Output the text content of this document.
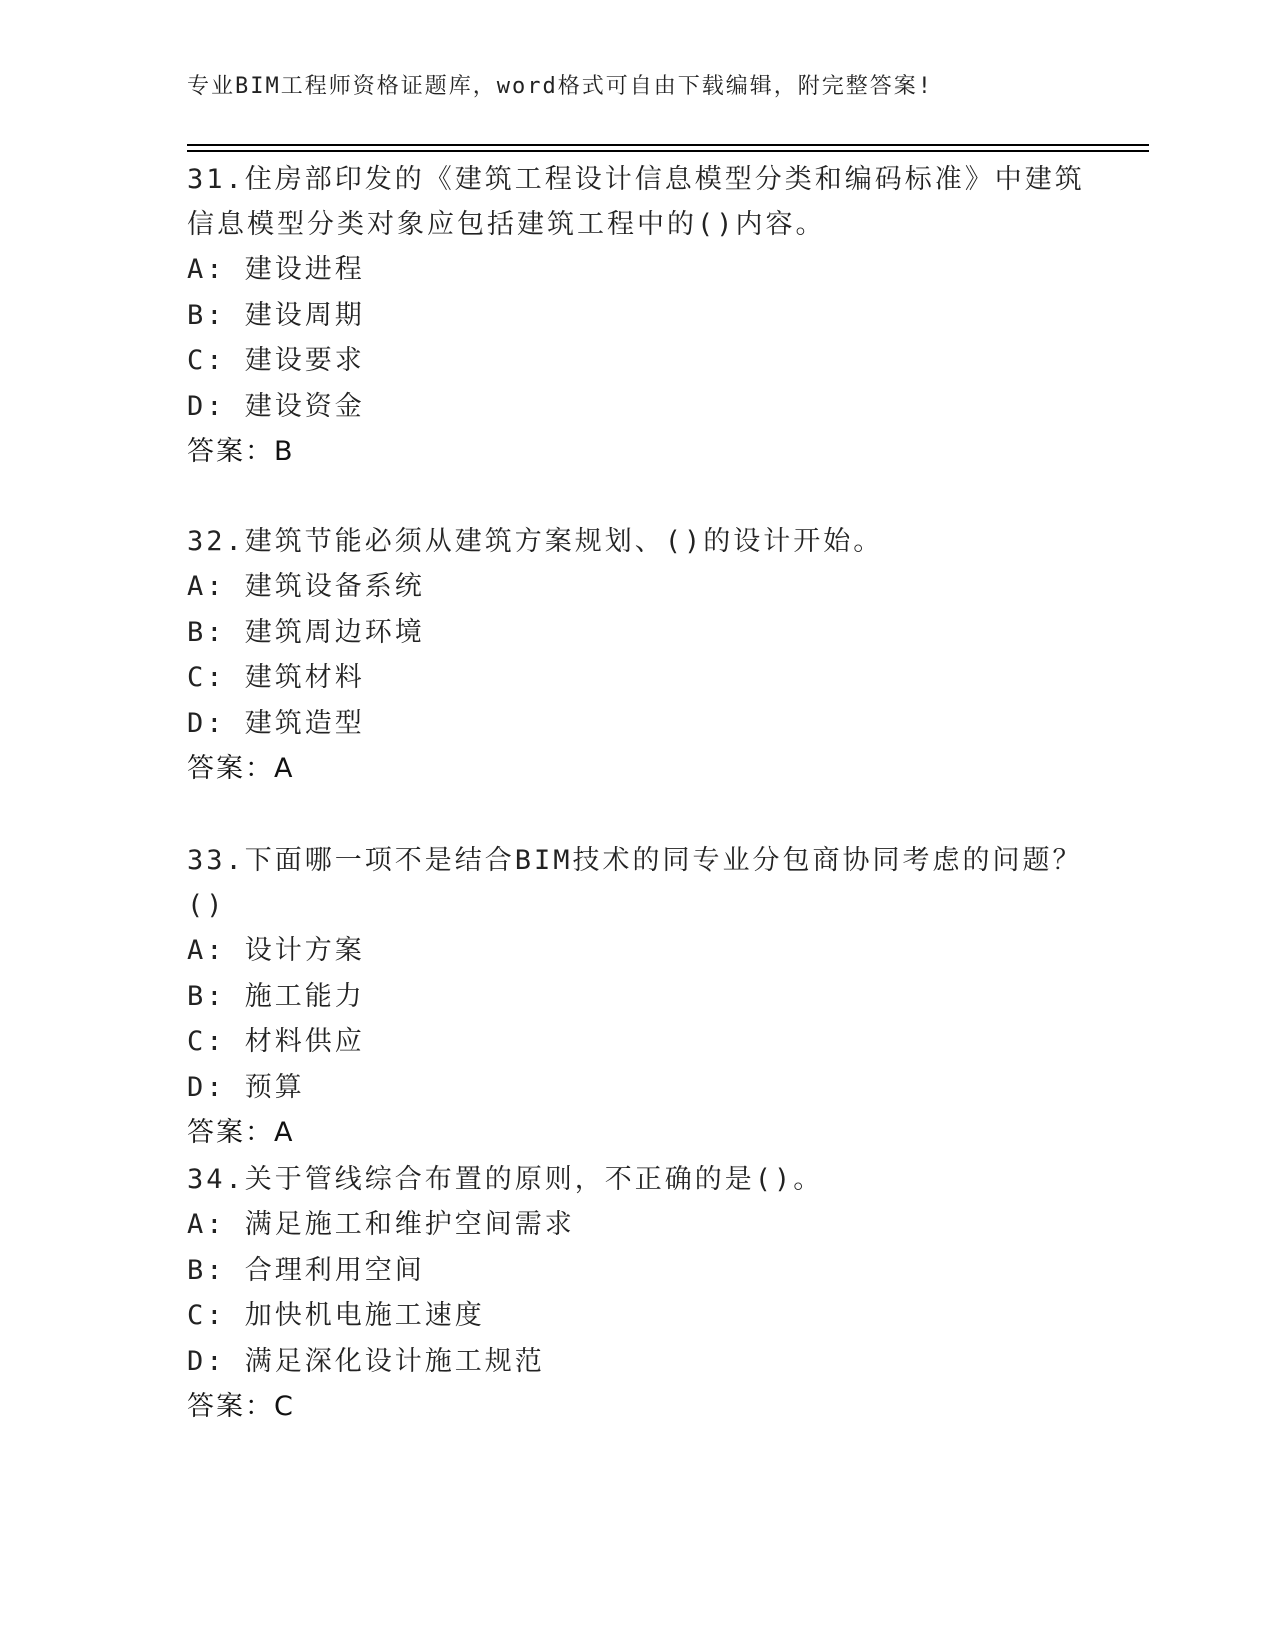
专业BIM工程师资格证题库，word格式可自由下载编辑，附完整答案!

31.住房部印发的《建筑工程设计信息模型分类和编码标准》中建筑信息模型分类对象应包括建筑工程中的()内容。

A: 建设进程

B: 建设周期

C: 建设要求

D: 建设资金

答案：B

32.建筑节能必须从建筑方案规划、()的设计开始。

A: 建筑设备系统

B: 建筑周边环境

C: 建筑材料

D: 建筑造型

答案：A

33.下面哪一项不是结合BIM技术的同专业分包商协同考虑的问题？()

A: 设计方案

B: 施工能力

C: 材料供应

D: 预算

答案：A

34.关于管线综合布置的原则，不正确的是()。

A: 满足施工和维护空间需求

B: 合理利用空间

C: 加快机电施工速度

D: 满足深化设计施工规范

答案：C
